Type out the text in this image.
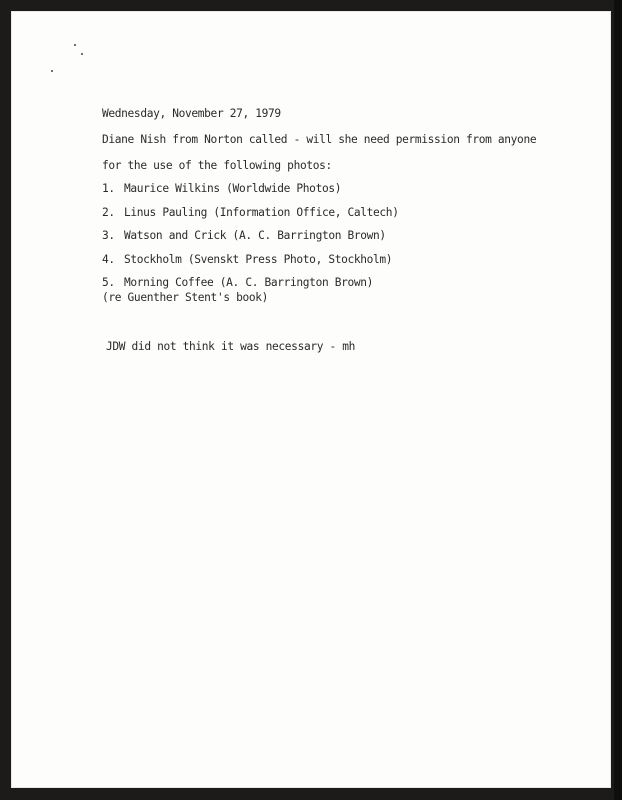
Wednesday, November 27, 1979

Diane Nish from Norton called - will she need permission from anyone

for the use of the following photos:

1. Maurice Wilkins (Worldwide Photos)

2. Linus Pauling (Information Office, Caltech)

3. Watson and Crick (A. C. Barrington Brown)

4. Stockholm (Svenskt Press Photo, Stockholm)

5. Morning Coffee (A. C. Barrington Brown)

(re Guenther Stent's book)

JDW did not think it was necessary - mh
